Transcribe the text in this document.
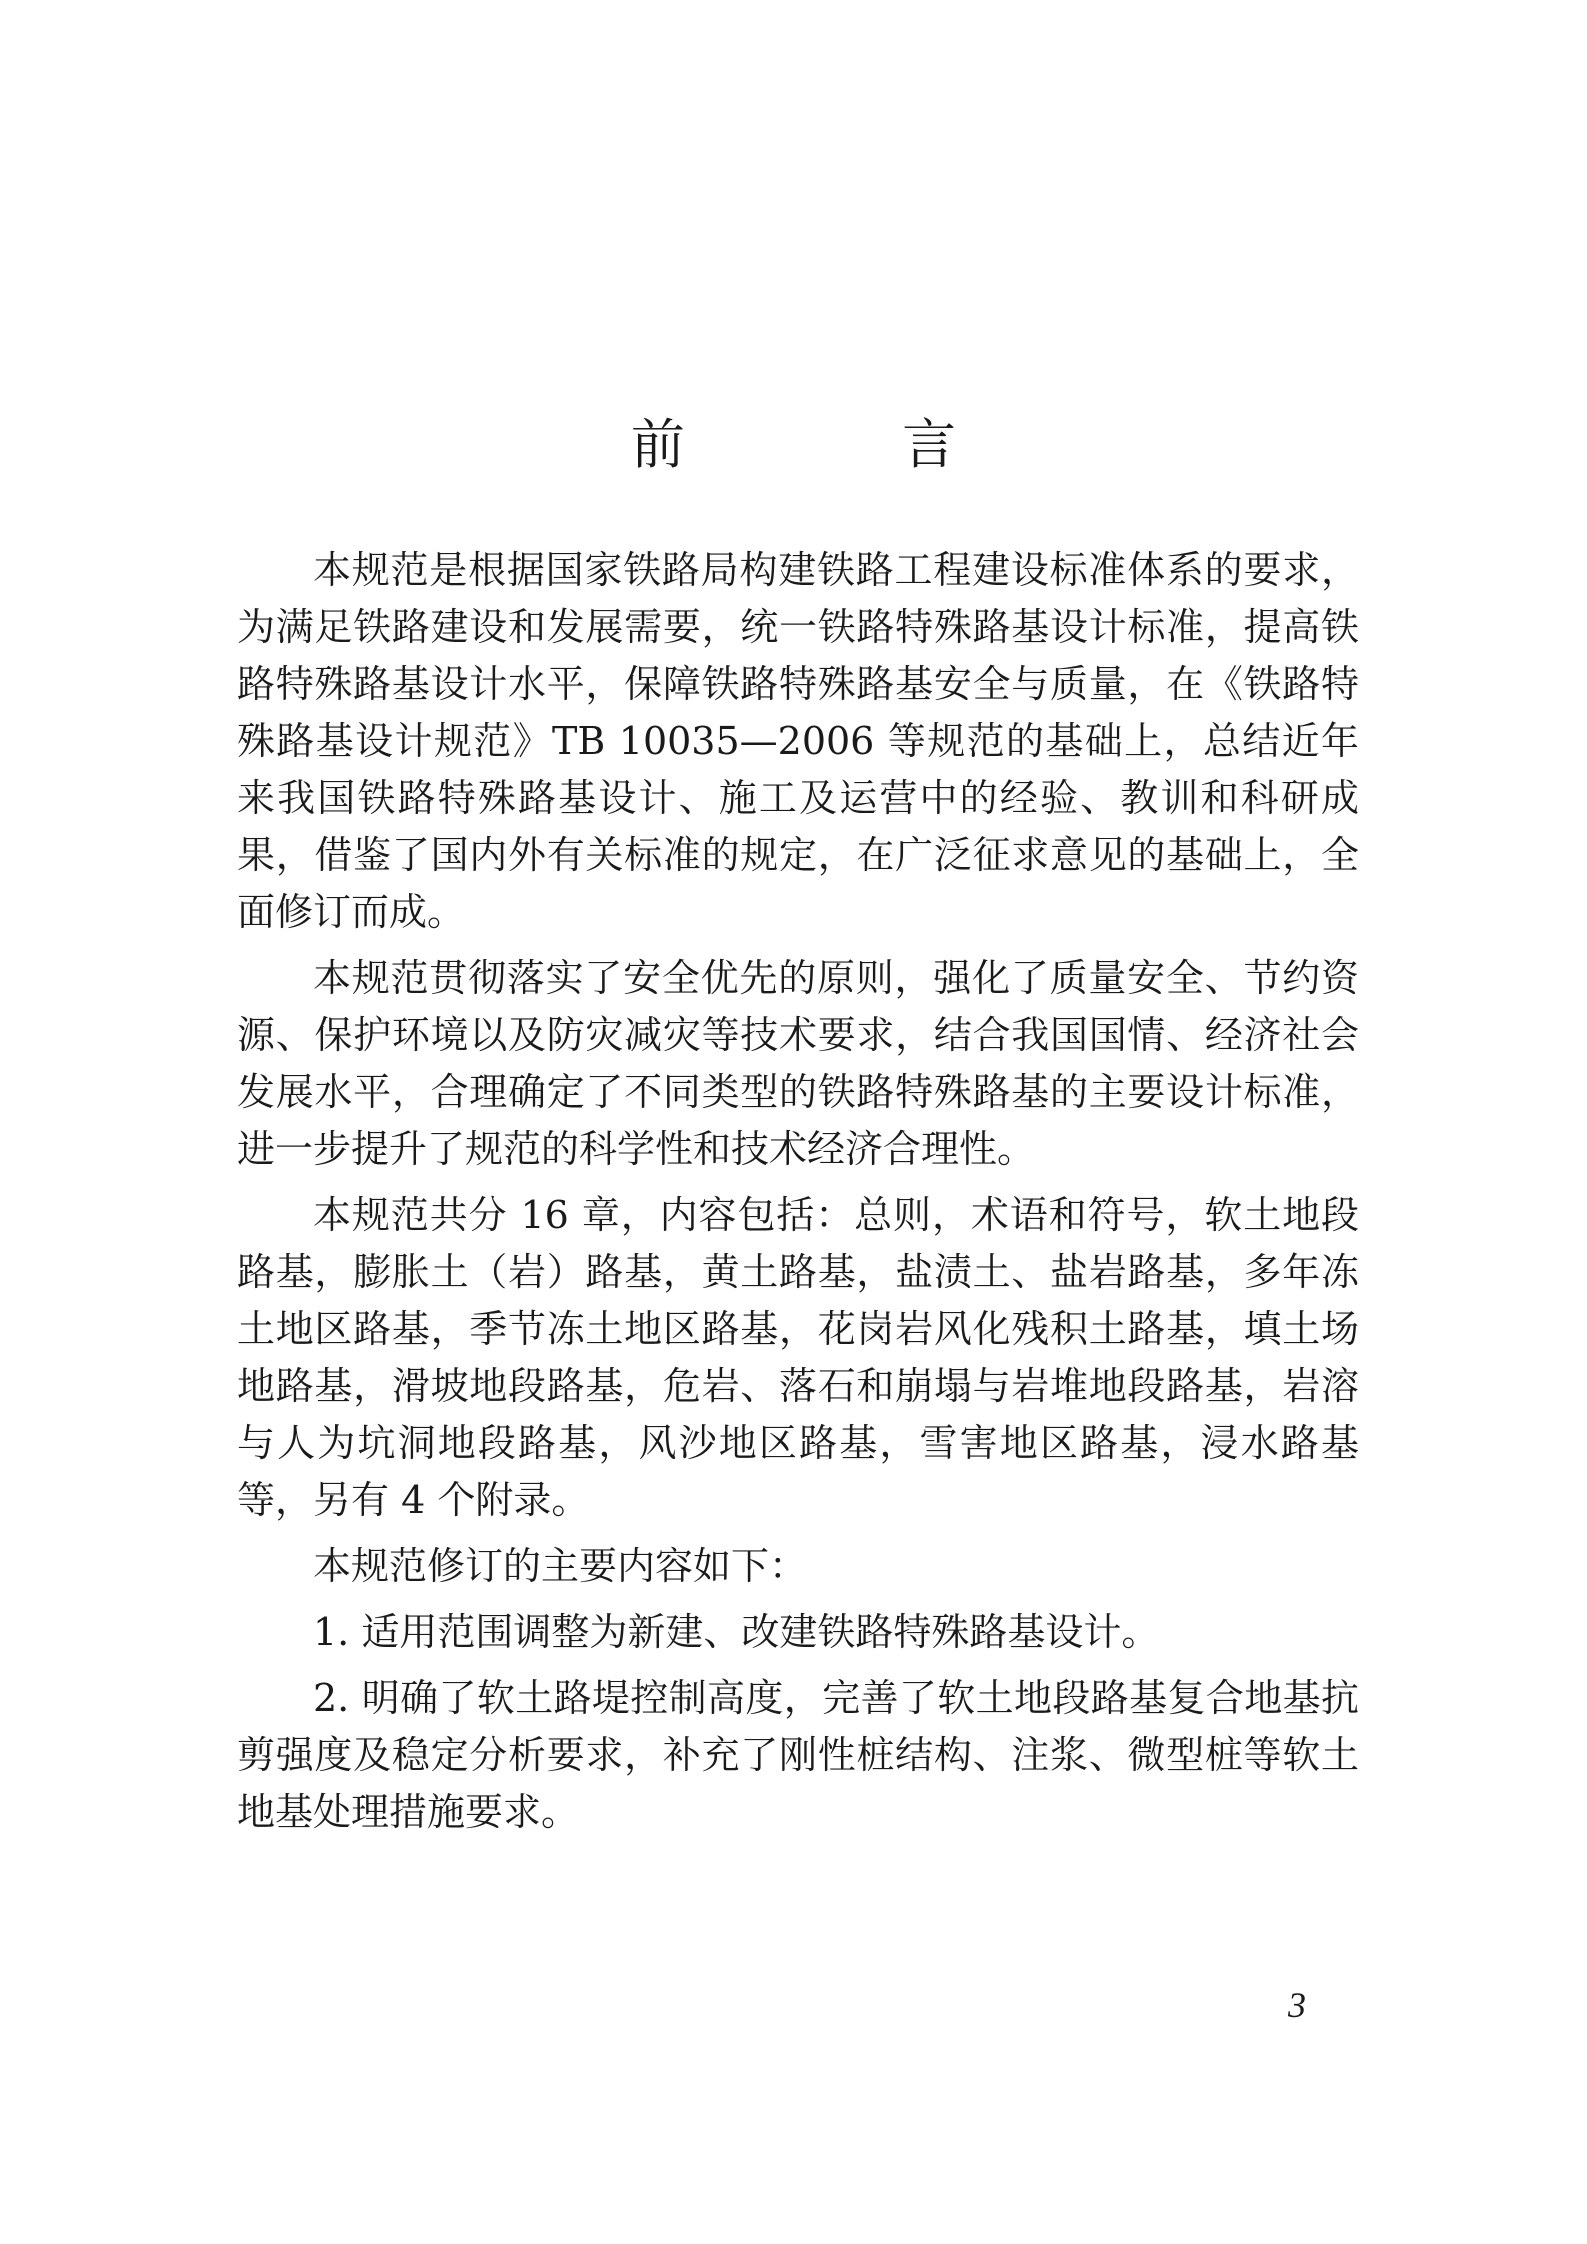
前 言

本规范是根据国家铁路局构建铁路工程建设标准体系的要求，为满足铁路建设和发展需要，统一铁路特殊路基设计标准，提高铁路特殊路基设计水平，保障铁路特殊路基安全与质量，在《铁路特殊路基设计规范》TB 10035—2006 等规范的基础上，总结近年来我国铁路特殊路基设计、施工及运营中的经验、教训和科研成果，借鉴了国内外有关标准的规定，在广泛征求意见的基础上，全面修订而成。

本规范贯彻落实了安全优先的原则，强化了质量安全、节约资源、保护环境以及防灾减灾等技术要求，结合我国国情、经济社会发展水平，合理确定了不同类型的铁路特殊路基的主要设计标准，进一步提升了规范的科学性和技术经济合理性。

本规范共分 16 章，内容包括：总则，术语和符号，软土地段路基，膨胀土（岩）路基，黄土路基，盐渍土、盐岩路基，多年冻土地区路基，季节冻土地区路基，花岗岩风化残积土路基，填土场地路基，滑坡地段路基，危岩、落石和崩塌与岩堆地段路基，岩溶与人为坑洞地段路基，风沙地区路基，雪害地区路基，浸水路基等，另有 4 个附录。

本规范修订的主要内容如下：

1. 适用范围调整为新建、改建铁路特殊路基设计。

2. 明确了软土路堤控制高度，完善了软土地段路基复合地基抗剪强度及稳定分析要求，补充了刚性桩结构、注浆、微型桩等软土地基处理措施要求。

3
